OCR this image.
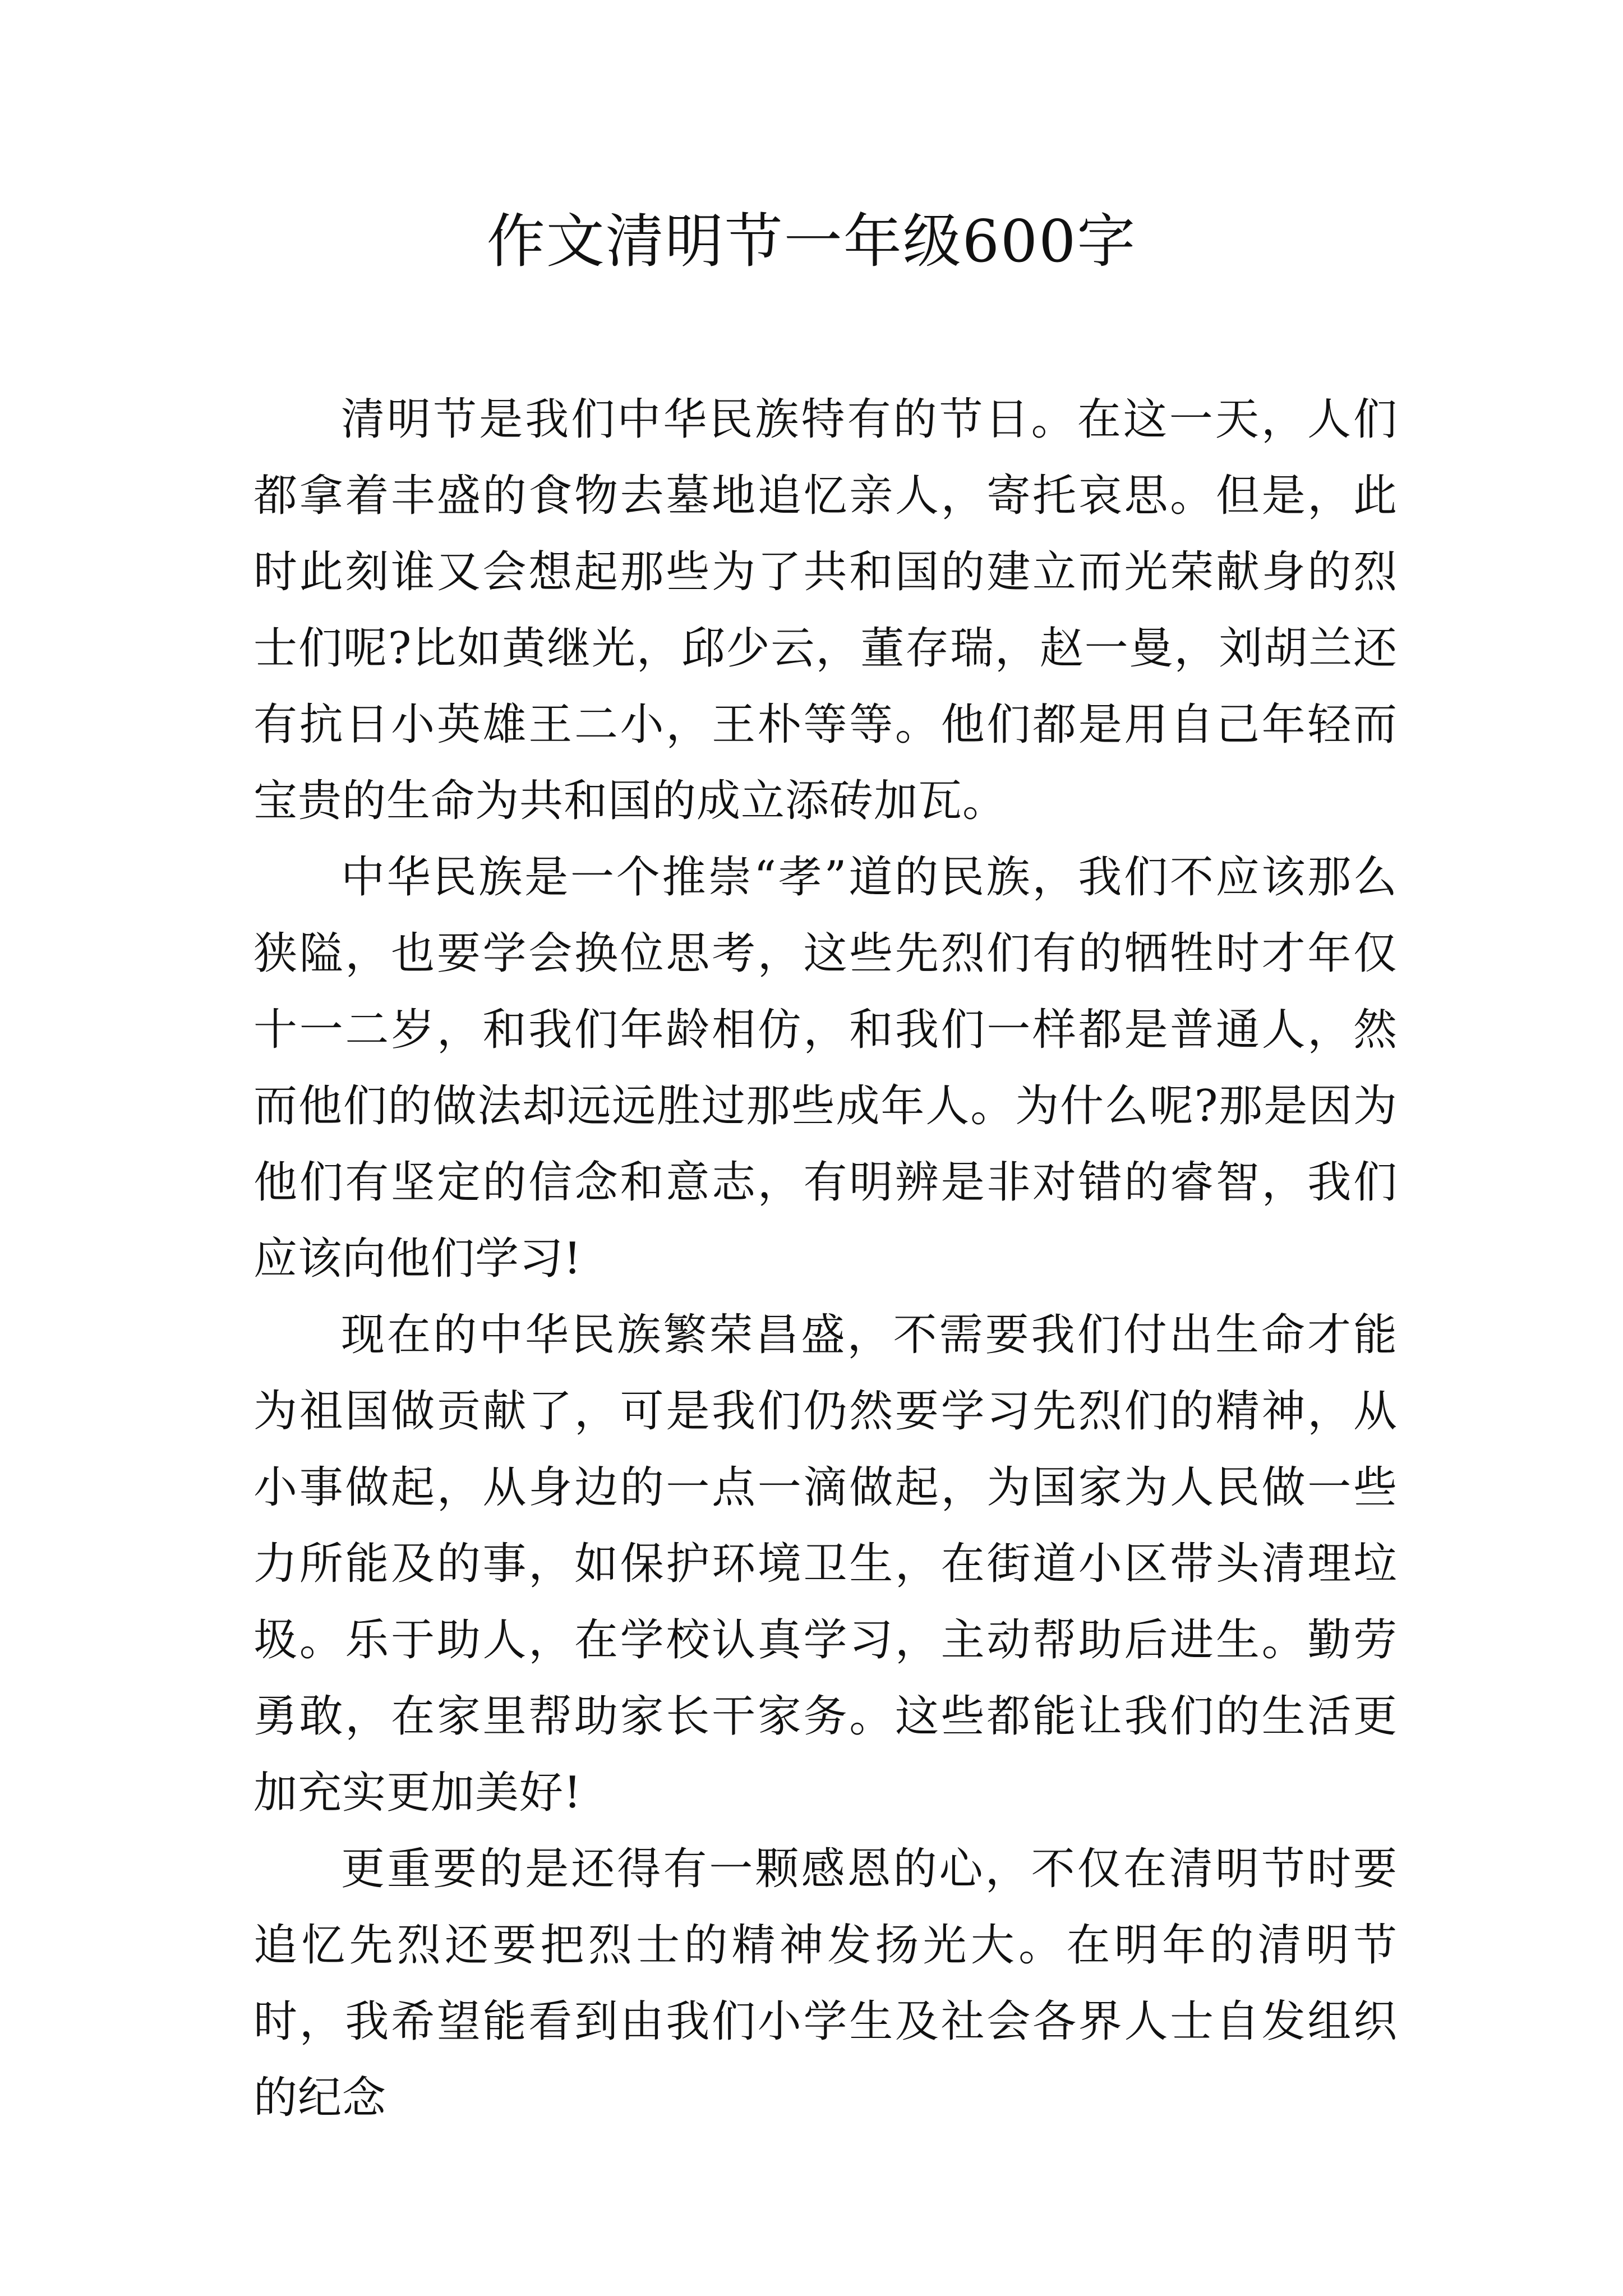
作文清明节一年级600字

清明节是我们中华民族特有的节日。在这一天，人们都拿着丰盛的食物去墓地追忆亲人，寄托哀思。但是，此时此刻谁又会想起那些为了共和国的建立而光荣献身的烈士们呢?比如黄继光，邱少云，董存瑞，赵一曼，刘胡兰还有抗日小英雄王二小，王朴等等。他们都是用自己年轻而宝贵的生命为共和国的成立添砖加瓦。

中华民族是一个推崇“孝”道的民族，我们不应该那么狭隘，也要学会换位思考，这些先烈们有的牺牲时才年仅十一二岁，和我们年龄相仿，和我们一样都是普通人，然而他们的做法却远远胜过那些成年人。为什么呢?那是因为他们有坚定的信念和意志，有明辨是非对错的睿智，我们应该向他们学习!

现在的中华民族繁荣昌盛，不需要我们付出生命才能为祖国做贡献了，可是我们仍然要学习先烈们的精神，从小事做起，从身边的一点一滴做起，为国家为人民做一些力所能及的事，如保护环境卫生，在街道小区带头清理垃圾。乐于助人，在学校认真学习，主动帮助后进生。勤劳勇敢，在家里帮助家长干家务。这些都能让我们的生活更加充实更加美好!

更重要的是还得有一颗感恩的心，不仅在清明节时要追忆先烈还要把烈士的精神发扬光大。在明年的清明节时，我希望能看到由我们小学生及社会各界人士自发组织的纪念
